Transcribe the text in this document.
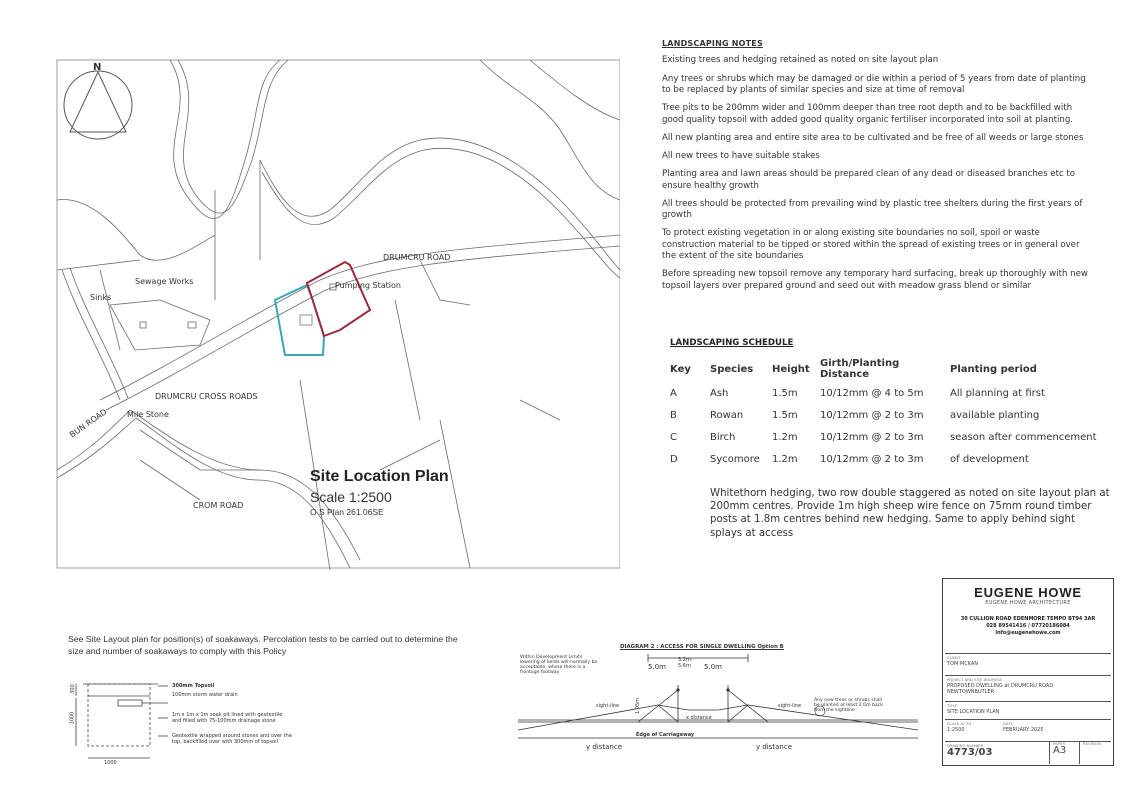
N
DRUMCRU ROAD
Pumping Station
Sewage Works
Sinks
DRUMCRU CROSS ROADS
Mile Stone
BUN ROAD
CROM ROAD
Site Location Plan
Scale 1:2500
O S Plan 261.06SE
LANDSCAPING NOTES

Existing trees and hedging retained as noted on site layout plan

Any trees or shrubs which may be damaged or die within a period of 5 years from date of planting to be replaced by plants of similar species and size at time of removal

Tree pits to be 200mm wider and 100mm deeper than tree root depth and to be backfilled with good quality topsoil with added good quality organic fertiliser incorporated into soil at planting.

All new planting area and entire site area to be cultivated and be free of all weeds or large stones

All new trees to have suitable stakes

Planting area and lawn areas should be prepared clean of any dead or diseased branches etc to ensure healthy growth

All trees should be protected from prevailing wind by plastic tree shelters during the first years of growth

To protect existing vegetation in or along existing site boundaries no soil, spoil or waste construction material to be tipped or stored within the spread of existing trees or in general over the extent of the site boundaries

Before spreading new topsoil remove any temporary hard surfacing, break up thoroughly with new topsoil layers over prepared ground and seed out with meadow grass blend or similar

LANDSCAPING SCHEDULE
Key	Species	Height	Girth/Planting Distance	Planting period
A	Ash	1.5m	10/12mm @ 4 to 5m	All planning at first
B	Rowan	1.5m	10/12mm @ 2 to 3m	available planting
C	Birch	1.2m	10/12mm @ 2 to 3m	season after commencement
D	Sycomore	1.2m	10/12mm @ 2 to 3m	of development
Whitethorn hedging, two row double staggered as noted on site layout plan at 200mm centres. Provide 1m high sheep wire fence on 75mm round timber posts at 1.8m centres behind new hedging. Same to apply behind sight splays at access
See Site Layout plan for position(s) of soakaways. Percolation tests to be carried out to determine the size and number of soakaways to comply with this Policy
300mm Topsoil
100mm storm water drain
1m x 1m x 1m soak pit lined with geotextile and filled with 75-100mm drainage stone
Geotextile wrapped around stones and over the top, backfilled over with 300mm of topsoil
1000
1000
300
DIAGRAM 2 : ACCESS FOR SINGLE DWELLING Option B
Within Development Limits lowering of kerbs will normally be acceptable, where there is a frontage footway
5.0m
3.2m- 5.6m	5.0m
sight-line	sight-line
1.05m
x distance
Edge of Carriageway
y distance	y distance
Any new trees or shrubs shall be planted at least 2.0m back from the sightline
EUGENE HOWE
EUGENE HOWE ARCHITECTURE
30 CULLION ROAD EDENMORE TEMPO BT94 3AR
028 89541416 / 07720186084
info@eugenehowe.com
CLIENT
TOM MCKAN
PROJECT AND SITE ADDRESS
PROPOSED DWELLING at DRUMCRU ROAD
NEWTOWNBUTLER
TITLE
SITE LOCATION PLAN
SCALE AT A3
1:2500
DATE
FEBRUARY 2025
DRAWING NUMBER
4773/03
PAPER
A3
REVISION
